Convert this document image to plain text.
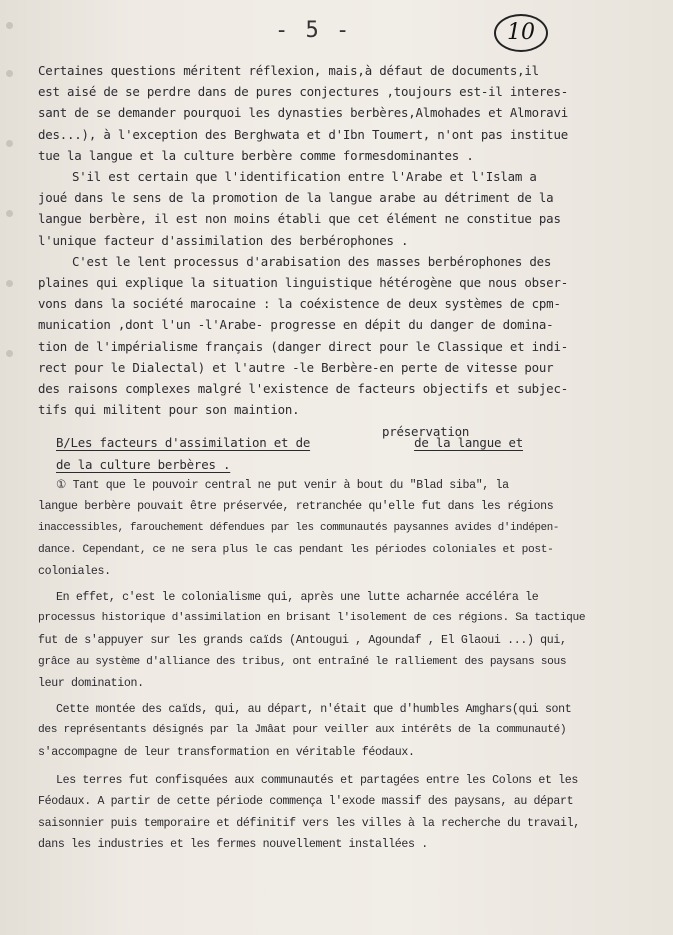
- 5 -	10

Certaines questions méritent réflexion, mais,à défaut de documents,il
est aisé de se perdre dans de pures conjectures ,toujours est-il interes-
sant de se demander pourquoi les dynasties berbères,Almohades et Almoravi
des...), à l'exception des Berghwata et d'Ibn Toumert, n'ont pas institue
tue la langue et la culture berbère comme formesdominantes .

S'il est certain que l'identification entre l'Arabe et l'Islam a
joué dans le sens de la promotion de la langue arabe au détriment de la
langue berbère, il est non moins établi que cet élément ne constitue pas
l'unique facteur d'assimilation des berbérophones .

C'est le lent processus d'arabisation des masses berbérophones des
plaines qui explique la situation linguistique hétérogène que nous obser-
vons dans la société marocaine : la coéxistence de deux systèmes de cpm-
munication ,dont l'un -l'Arabe- progresse en dépit du danger de domina-
tion de l'impérialisme français (danger direct pour le Classique et indi-
rect pour le Dialectal) et l'autre -le Berbère-en perte de vitesse pour
des raisons complexes malgré l'existence de facteurs objectifs et subjec-
tifs qui militent pour son maintion.

préservation
B/Les facteurs d'assimilation et de	de la langue et
de la culture berbères .

① Tant que le pouvoir central ne put venir à bout du "Blad siba", la
langue berbère pouvait être préservée, retranchée qu'elle fut dans les régions
inaccessibles, farouchement défendues par les communautés paysannes avides d'indépen-
dance. Cependant, ce ne sera plus le cas pendant les périodes coloniales et post-
coloniales.

En effet, c'est le colonialisme qui, après une lutte acharnée accéléra le
processus historique d'assimilation en brisant l'isolement de ces régions. Sa tactique
fut de s'appuyer sur les grands caïds (Antougui , Agoundaf , El Glaoui ...) qui,
grâce au système d'alliance des tribus, ont entraîné le ralliement des paysans sous
leur domination.

Cette montée des caïds, qui, au départ, n'était que d'humbles Amghars(qui sont
des représentants désignés par la Jmâat pour veiller aux intérêts de la communauté)
s'accompagne de leur transformation en véritable féodaux.

Les terres fut confisquées aux communautés et partagées entre les Colons et les
Féodaux. A partir de cette période commença l'exode massif des paysans, au départ
saisonnier puis temporaire et définitif vers les villes à la recherche du travail,
dans les industries et les fermes nouvellement installées .
